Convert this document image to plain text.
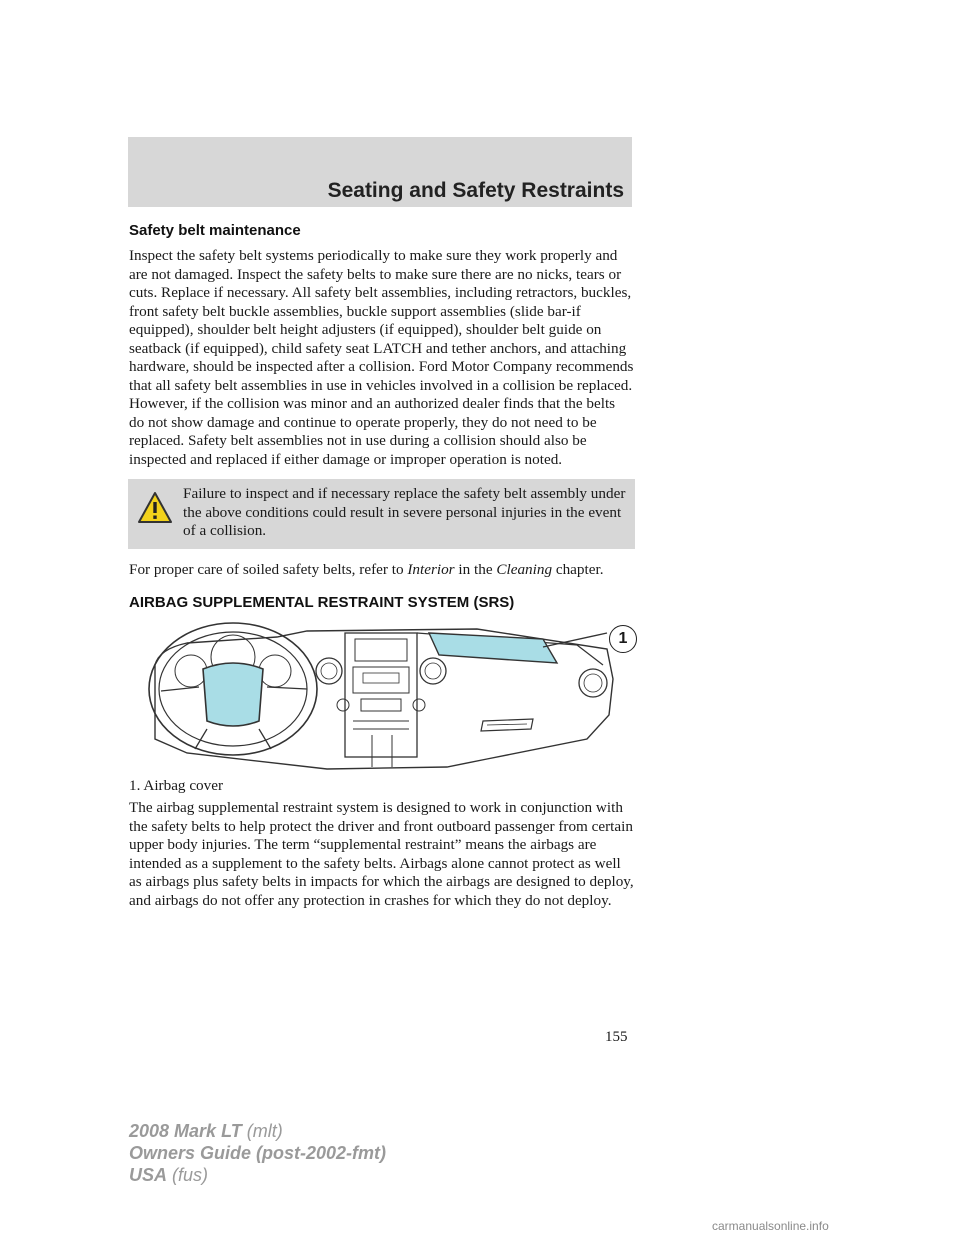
Seating and Safety Restraints
Safety belt maintenance

Inspect the safety belt systems periodically to make sure they work properly and are not damaged. Inspect the safety belts to make sure there are no nicks, tears or cuts. Replace if necessary. All safety belt assemblies, including retractors, buckles, front safety belt buckle assemblies, buckle support assemblies (slide bar-if equipped), shoulder belt height adjusters (if equipped), shoulder belt guide on seatback (if equipped), child safety seat LATCH and tether anchors, and attaching hardware, should be inspected after a collision. Ford Motor Company recommends that all safety belt assemblies in use in vehicles involved in a collision be replaced. However, if the collision was minor and an authorized dealer finds that the belts do not show damage and continue to operate properly, they do not need to be replaced. Safety belt assemblies not in use during a collision should also be inspected and replaced if either damage or improper operation is noted.

Failure to inspect and if necessary replace the safety belt assembly under the above conditions could result in severe personal injuries in the event of a collision.

For proper care of soiled safety belts, refer to Interior in the Cleaning chapter.

AIRBAG SUPPLEMENTAL RESTRAINT SYSTEM (SRS)
1

1. Airbag cover

The airbag supplemental restraint system is designed to work in conjunction with the safety belts to help protect the driver and front outboard passenger from certain upper body injuries. The term “supplemental restraint” means the airbags are intended as a supplement to the safety belts. Airbags alone cannot protect as well as airbags plus safety belts in impacts for which the airbags are designed to deploy, and airbags do not offer any protection in crashes for which they do not deploy.

155
2008 Mark LT (mlt)
Owners Guide (post-2002-fmt)
USA (fus)
carmanualsonline.info
